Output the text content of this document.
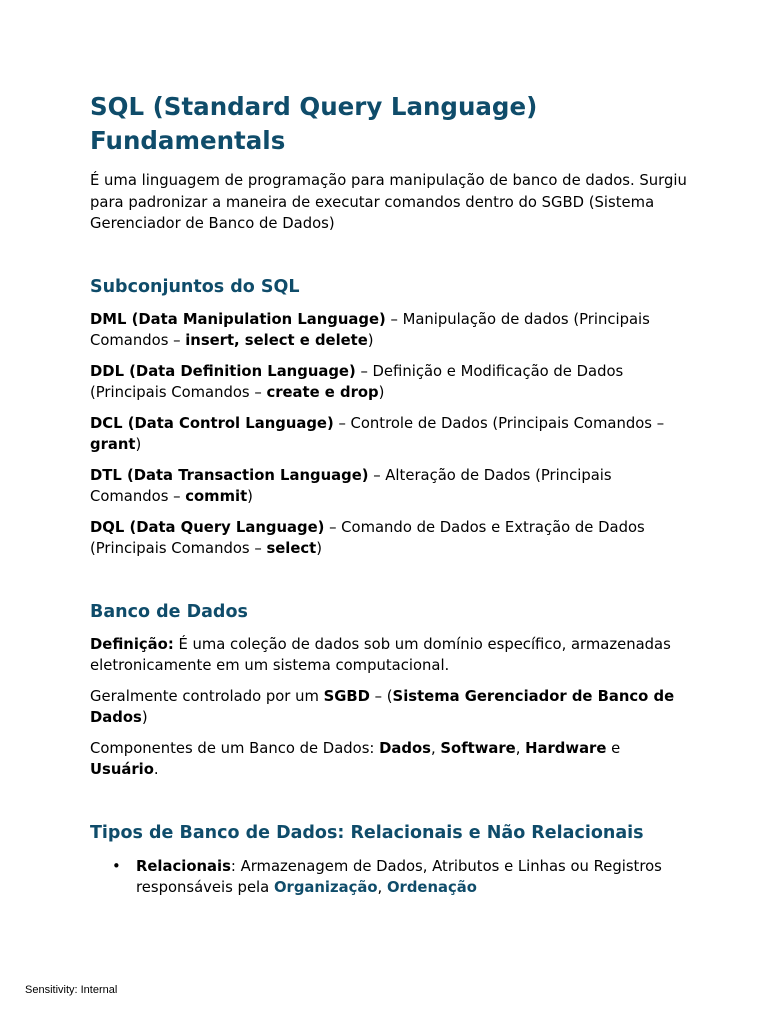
SQL (Standard Query Language) Fundamentals

É uma linguagem de programação para manipulação de banco de dados. Surgiu para padronizar a maneira de executar comandos dentro do SGBD (Sistema Gerenciador de Banco de Dados)

Subconjuntos do SQL

DML (Data Manipulation Language) – Manipulação de dados (Principais Comandos – insert, select e delete)

DDL (Data Definition Language) – Definição e Modificação de Dados (Principais Comandos – create e drop)

DCL (Data Control Language) – Controle de Dados (Principais Comandos – grant)

DTL (Data Transaction Language) – Alteração de Dados (Principais Comandos – commit)

DQL (Data Query Language) – Comando de Dados e Extração de Dados (Principais Comandos – select)

Banco de Dados

Definição: É uma coleção de dados sob um domínio específico, armazenadas eletronicamente em um sistema computacional.

Geralmente controlado por um SGBD – (Sistema Gerenciador de Banco de Dados)

Componentes de um Banco de Dados: Dados, Software, Hardware e Usuário.

Tipos de Banco de Dados: Relacionais e Não Relacionais
• Relacionais: Armazenagem de Dados, Atributos e Linhas ou Registros responsáveis pela Organização, Ordenação

Sensitivity: Internal
